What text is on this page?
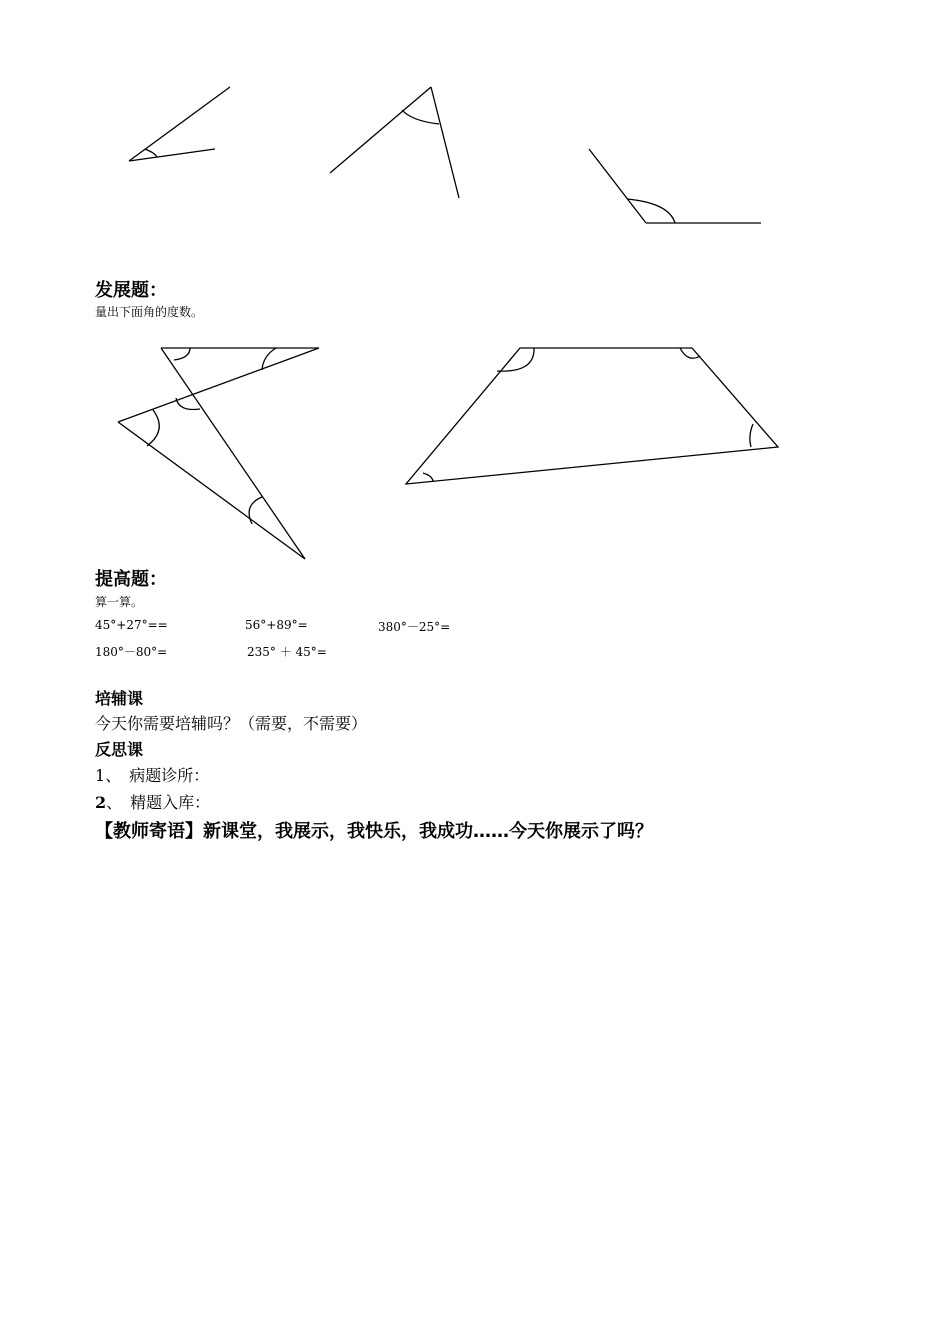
发展题：
量出下面角的度数。
提高题：
算一算。
45°+27°==	56°+89°=	380°－25°=
180°－80°=	235° ＋ 45°=
培辅课
今天你需要培辅吗？（需要，不需要）
反思课
1、 病题诊所：
2、 精题入库：
【教师寄语】新课堂，我展示，我快乐，我成功……今天你展示了吗？
